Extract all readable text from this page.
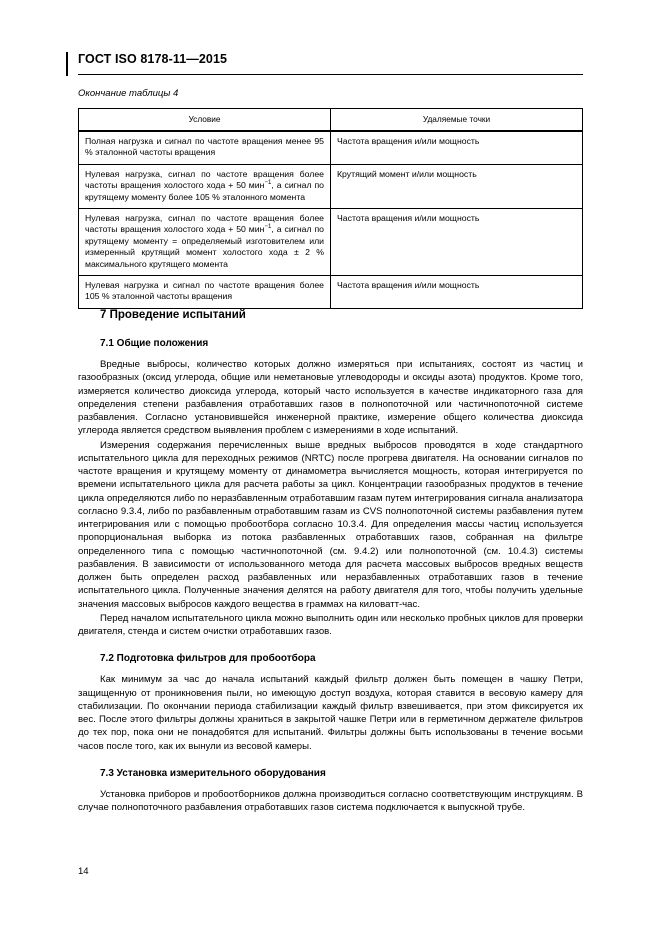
ГОСТ ISO 8178-11—2015
Окончание таблицы 4
Условие	Удаляемые точки
Полная нагрузка и сигнал по частоте вращения менее 95 % эталонной частоты вращения	Частота вращения и/или мощность
Нулевая нагрузка, сигнал по частоте вращения более частоты вращения холостого хода + 50 мин$^{-1}$, а сигнал по крутящему моменту более 105 % эталонного момента	Крутящий момент и/или мощность
Нулевая нагрузка, сигнал по частоте вращения более частоты вращения холостого хода + 50 мин$^{-1}$, а сигнал по крутящему моменту = определяемый изготовителем или измеренный крутящий момент холостого хода ± 2 % максимального крутящего момента	Частота вращения и/или мощность
Нулевая нагрузка и сигнал по частоте вращения более 105 % эталонной частоты вращения	Частота вращения и/или мощность
7 Проведение испытаний
7.1 Общие положения

Вредные выбросы, количество которых должно измеряться при испытаниях, состоят из частиц и газообразных (оксид углерода, общие или неметановые углеводороды и оксиды азота) продуктов. Кроме того, измеряется количество диоксида углерода, который часто используется в качестве индикаторного газа для определения степени разбавления отработавших газов в полнопоточной или частичнопоточной системе разбавления. Согласно установившейся инженерной практике, измерение общего количества диоксида углерода является средством выявления проблем с измерениями в ходе испытаний.

Измерения содержания перечисленных выше вредных выбросов проводятся в ходе стандартного испытательного цикла для переходных режимов (NRTC) после прогрева двигателя. На основании сигналов по частоте вращения и крутящему моменту от динамометра вычисляется мощность, которая интегрируется по времени испытательного цикла для расчета работы за цикл. Концентрации газообразных продуктов в течение цикла определяются либо по неразбавленным отработавшим газам путем интегрирования сигнала анализатора согласно 9.3.4, либо по разбавленным отработавшим газам из CVS полнопоточной системы разбавления путем интегрирования или с помощью пробоотбора согласно 10.3.4. Для определения массы частиц используется пропорциональная выборка из потока разбавленных отработавших газов, собранная на фильтре определенного типа с помощью частичнопоточной (см. 9.4.2) или полнопоточной (см. 10.4.3) системы разбавления. В зависимости от использованного метода для расчета массовых выбросов вредных веществ должен быть определен расход разбавленных или неразбавленных отработавших газов в течение испытательного цикла. Полученные значения делятся на работу двигателя для того, чтобы получить удельные значения массовых выбросов каждого вещества в граммах на киловатт-час.

Перед началом испытательного цикла можно выполнить один или несколько пробных циклов для проверки двигателя, стенда и систем очистки отработавших газов.

7.2 Подготовка фильтров для пробоотбора

Как минимум за час до начала испытаний каждый фильтр должен быть помещен в чашку Петри, защищенную от проникновения пыли, но имеющую доступ воздуха, которая ставится в весовую камеру для стабилизации. По окончании периода стабилизации каждый фильтр взвешивается, при этом фиксируется их вес. После этого фильтры должны храниться в закрытой чашке Петри или в герметичном держателе фильтров до тех пор, пока они не понадобятся для испытаний. Фильтры должны быть использованы в течение восьми часов после того, как их вынули из весовой камеры.

7.3 Установка измерительного оборудования

Установка приборов и пробоотборников должна производиться согласно соответствующим инструкциям. В случае полнопоточного разбавления отработавших газов система подключается к выпускной трубе.

14
